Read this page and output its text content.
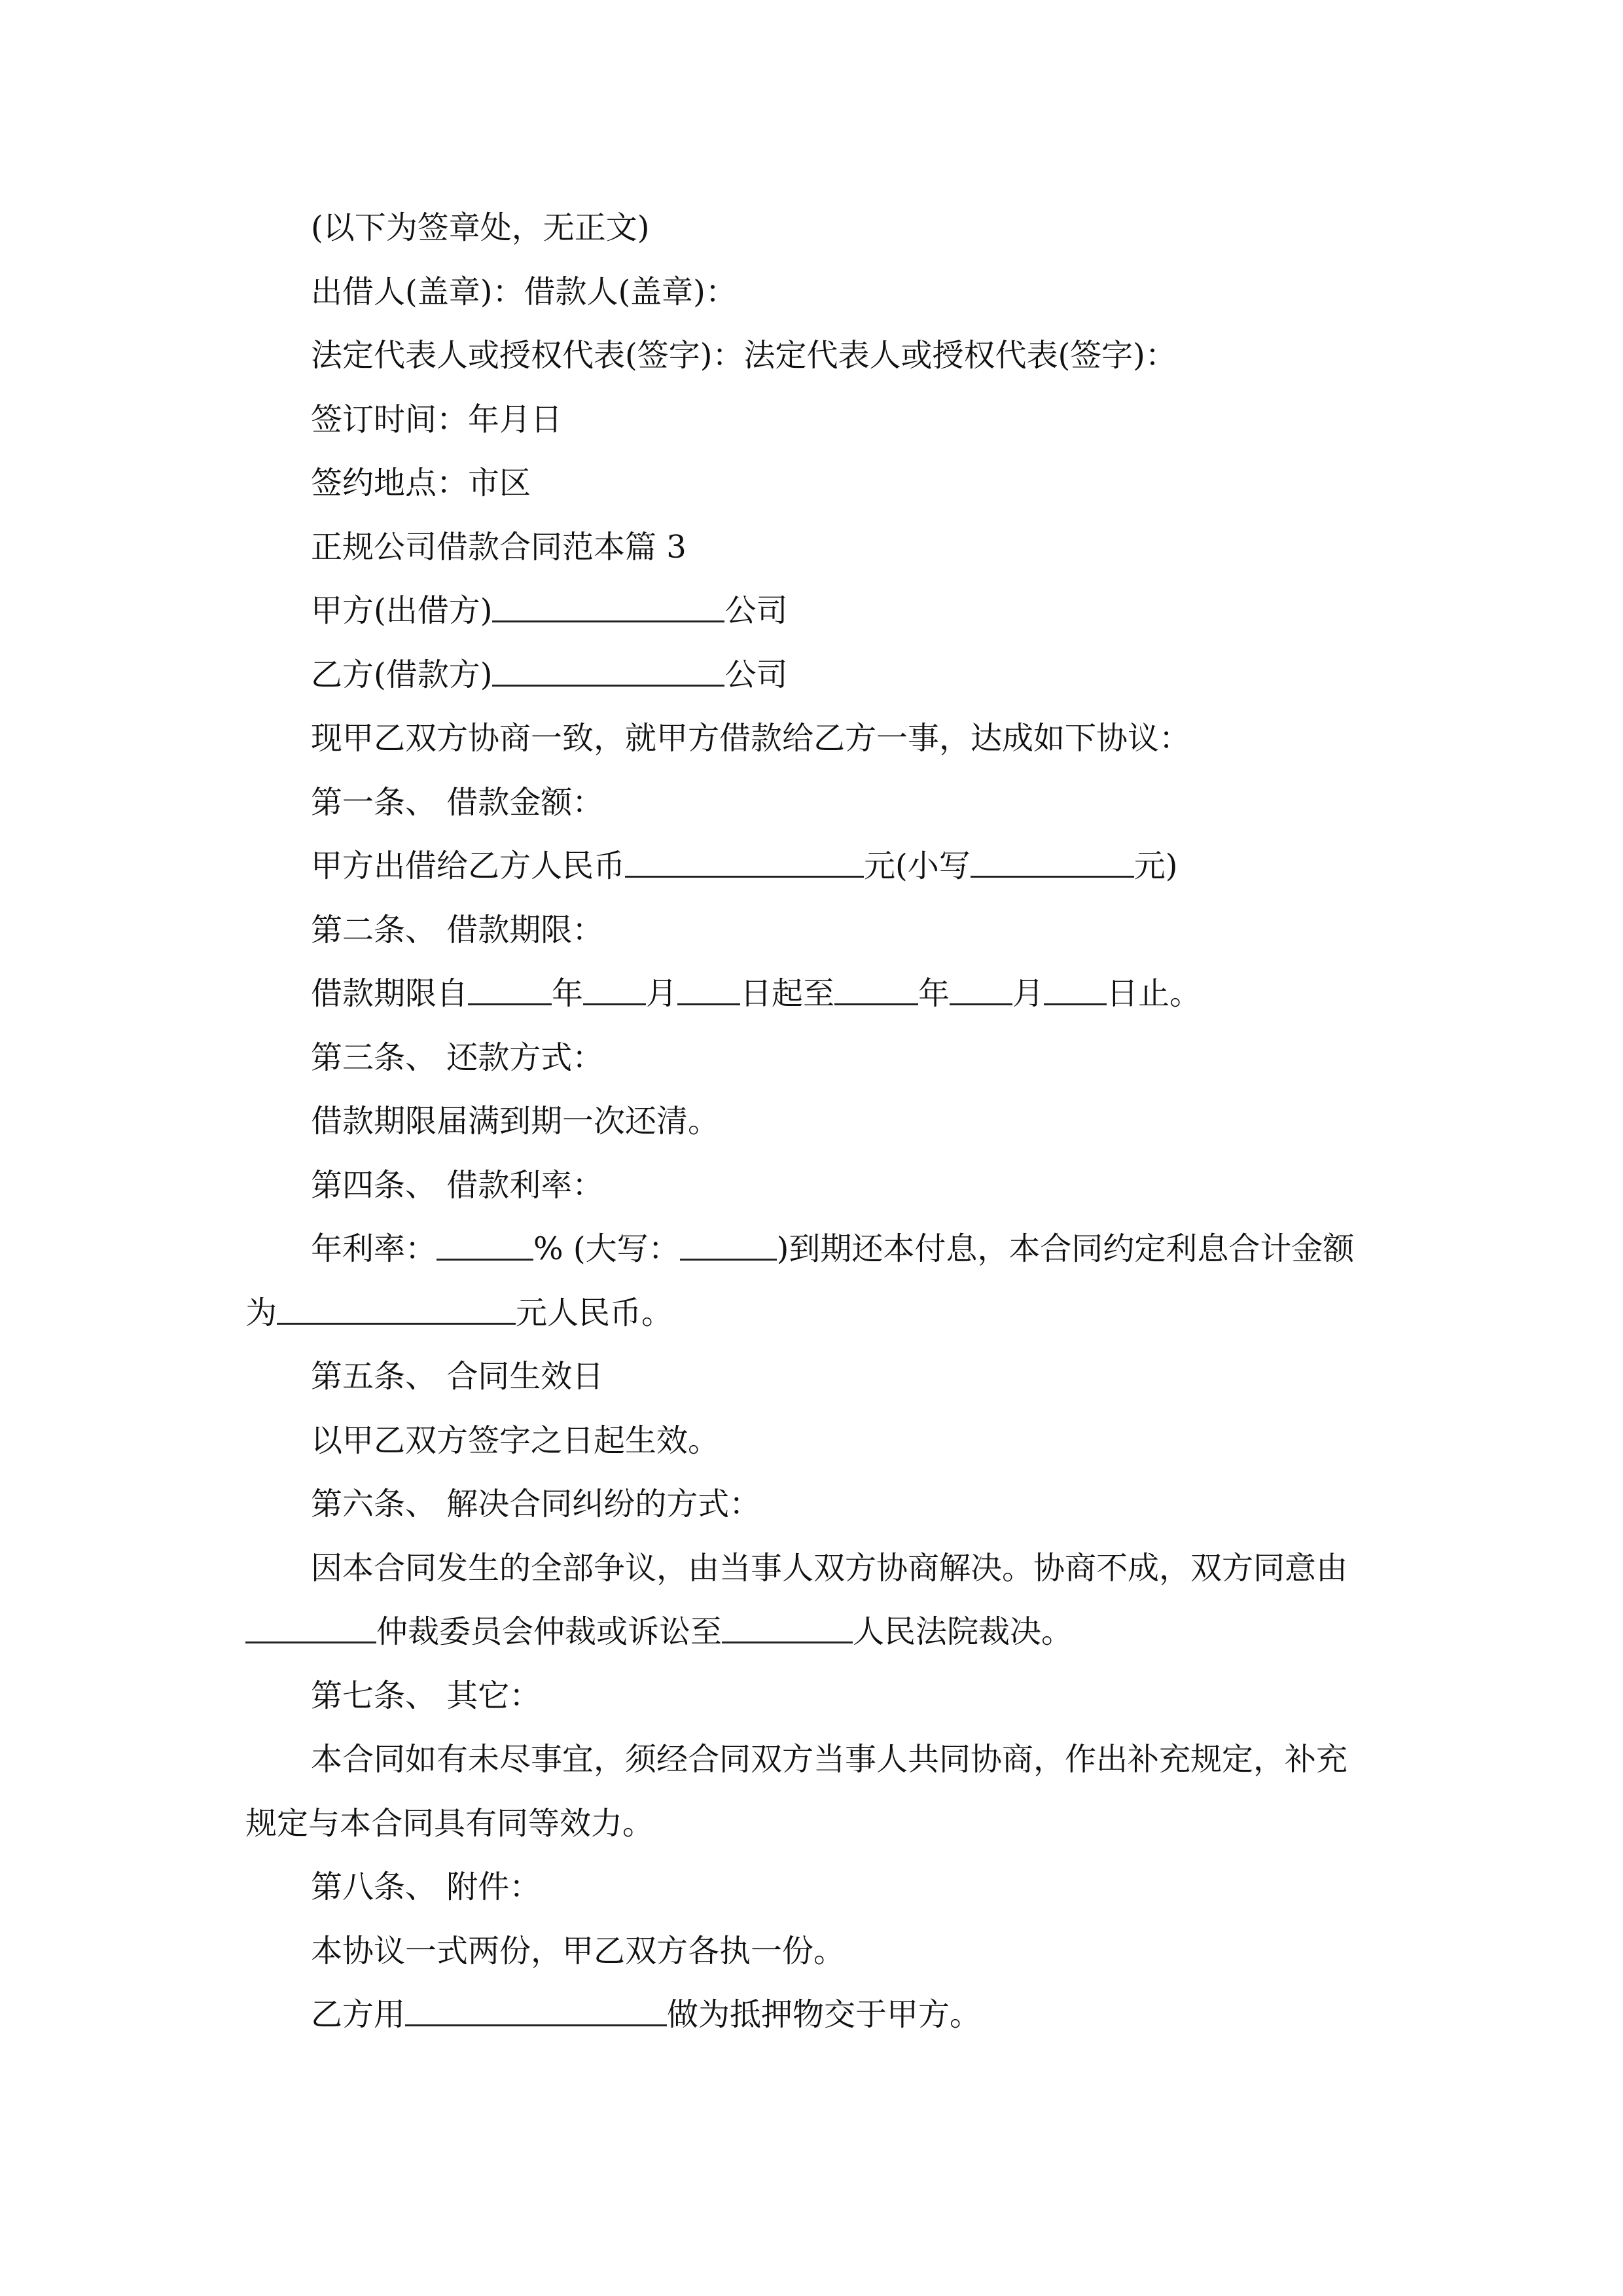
(以下为签章处，无正文)
出借人(盖章)：借款人(盖章)：
法定代表人或授权代表(签字)：法定代表人或授权代表(签字)：
签订时间：年月日
签约地点：市区
正规公司借款合同范本篇 3
甲方(出借方)	公司
乙方(借款方)	公司
现甲乙双方协商一致，就甲方借款给乙方一事，达成如下协议：
第一条、 借款金额：
甲方出借给乙方人民币	元(小写	元)
第二条、 借款期限：
借款期限自	年 月 日起至	年 月 日止。
第三条、 还款方式：
借款期限届满到期一次还清。
第四条、 借款利率：
年利率：	% (大写：	)到期还本付息，本合同约定利息合计金额
为	元人民币。
第五条、 合同生效日
以甲乙双方签字之日起生效。
第六条、 解决合同纠纷的方式：
因本合同发生的全部争议，由当事人双方协商解决。协商不成，双方同意由
仲裁委员会仲裁或诉讼至	人民法院裁决。
第七条、 其它：
本合同如有未尽事宜，须经合同双方当事人共同协商，作出补充规定，补充
规定与本合同具有同等效力。
第八条、 附件：
本协议一式两份，甲乙双方各执一份。
乙方用	做为抵押物交于甲方。
